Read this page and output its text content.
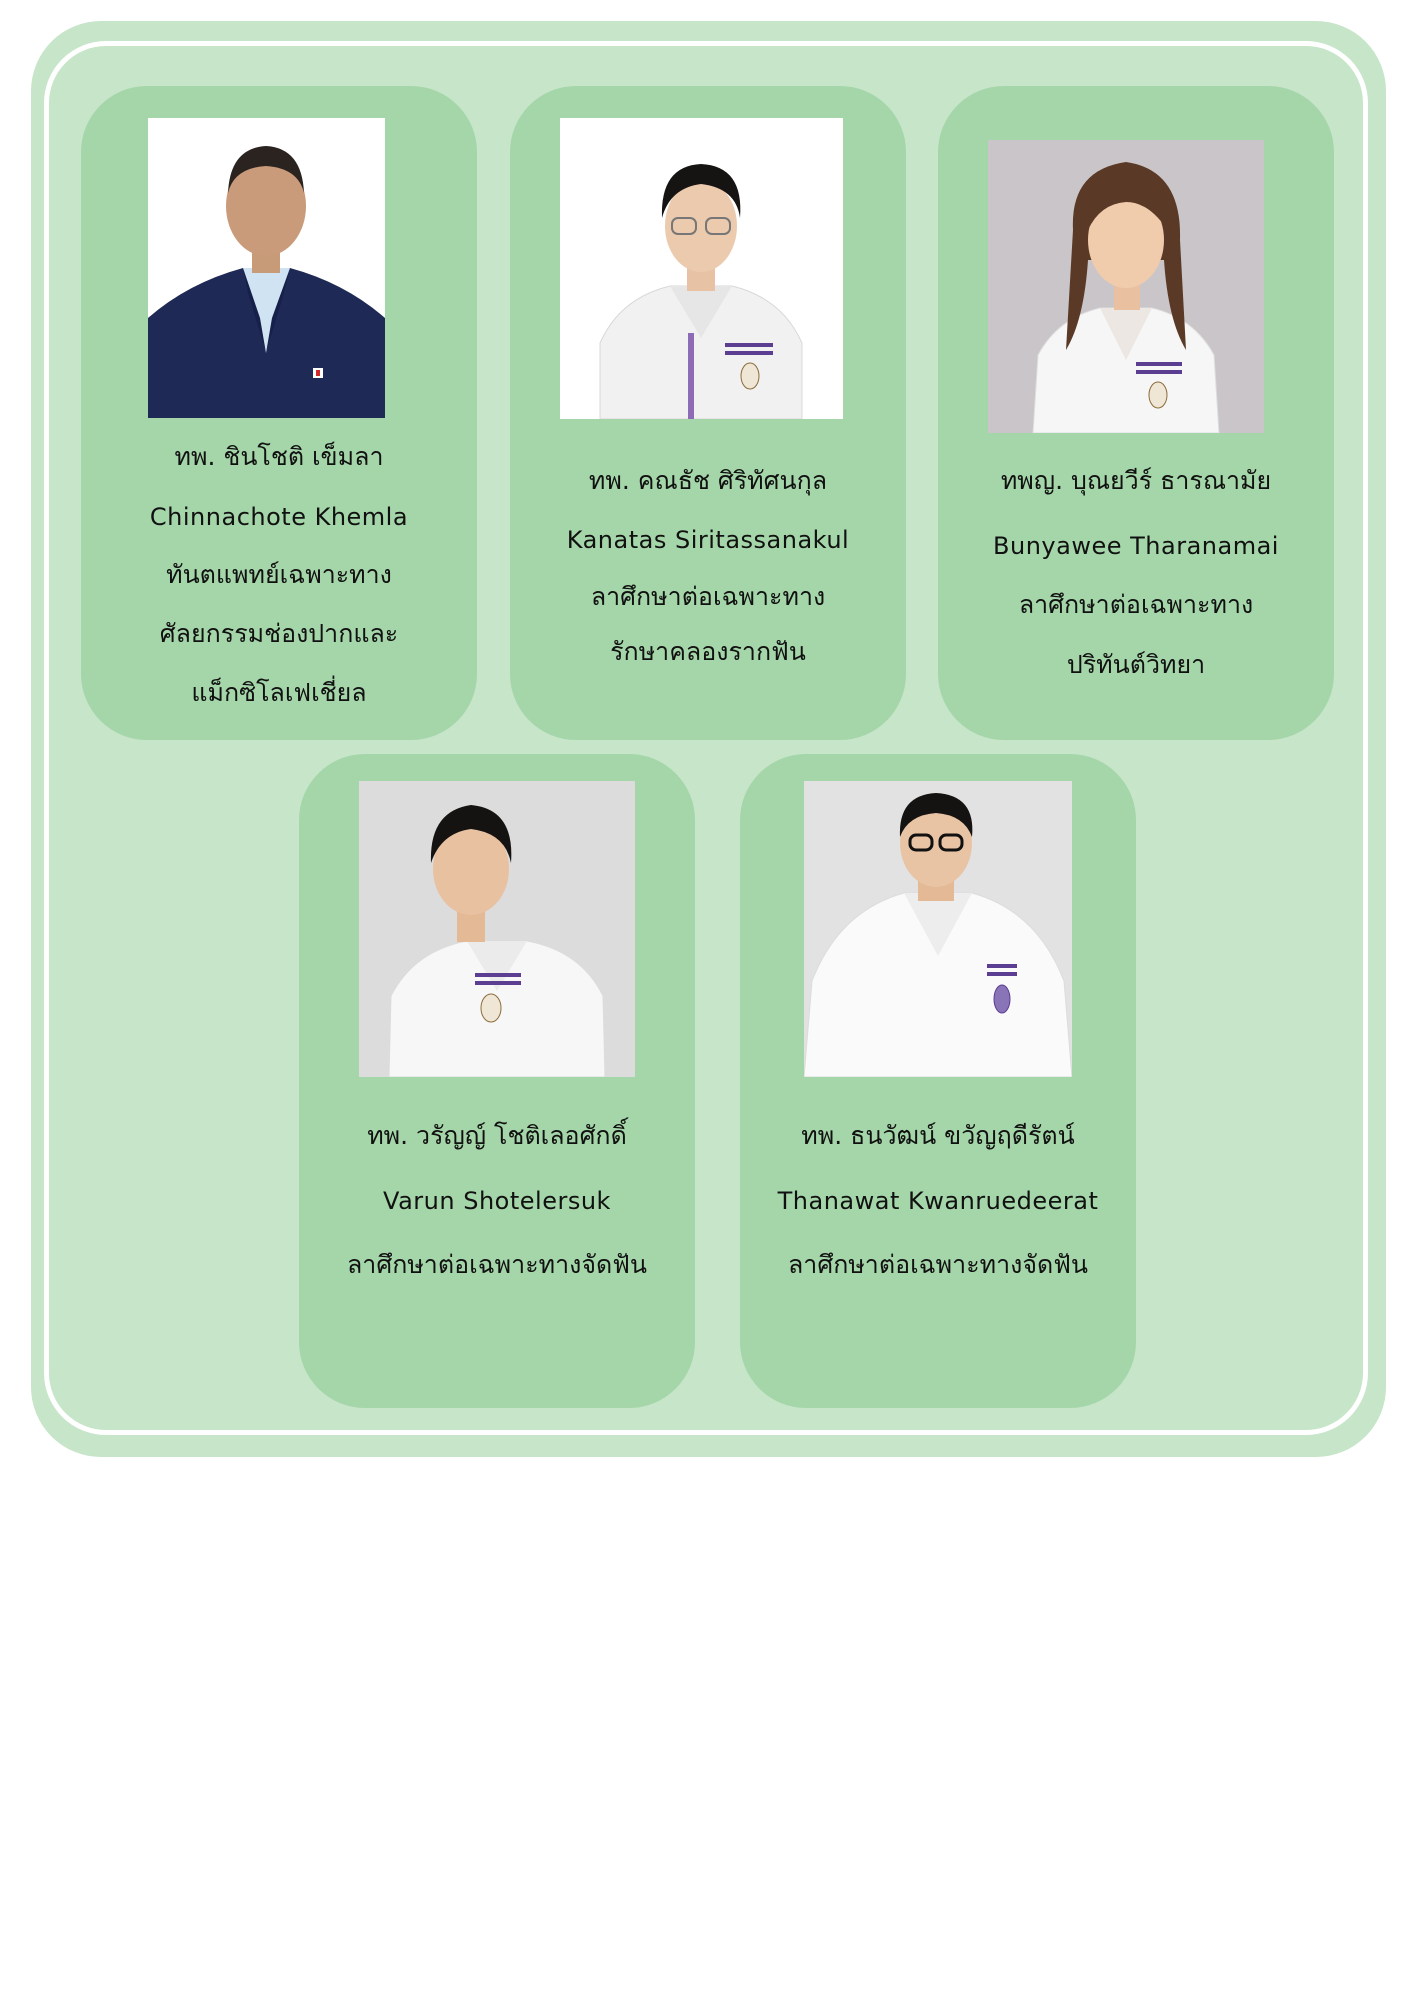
ทพ. ชินโชติ เข็มลา
Chinnachote Khemla
ทันตแพทย์เฉพาะทาง
ศัลยกรรมช่องปากและ
แม็กซิโลเฟเชี่ยล
ทพ. คณธัช ศิริทัศนกุล
Kanatas Siritassanakul
ลาศึกษาต่อเฉพาะทาง
รักษาคลองรากฟัน
ทพญ. บุณยวีร์ ธารณามัย
Bunyawee Tharanamai
ลาศึกษาต่อเฉพาะทาง
ปริทันต์วิทยา
ทพ. วรัญญ์ โชติเลอศักดิ์
Varun Shotelersuk
ลาศึกษาต่อเฉพาะทางจัดฟัน
ทพ. ธนวัฒน์ ขวัญฤดีรัตน์
Thanawat Kwanruedeerat
ลาศึกษาต่อเฉพาะทางจัดฟัน
